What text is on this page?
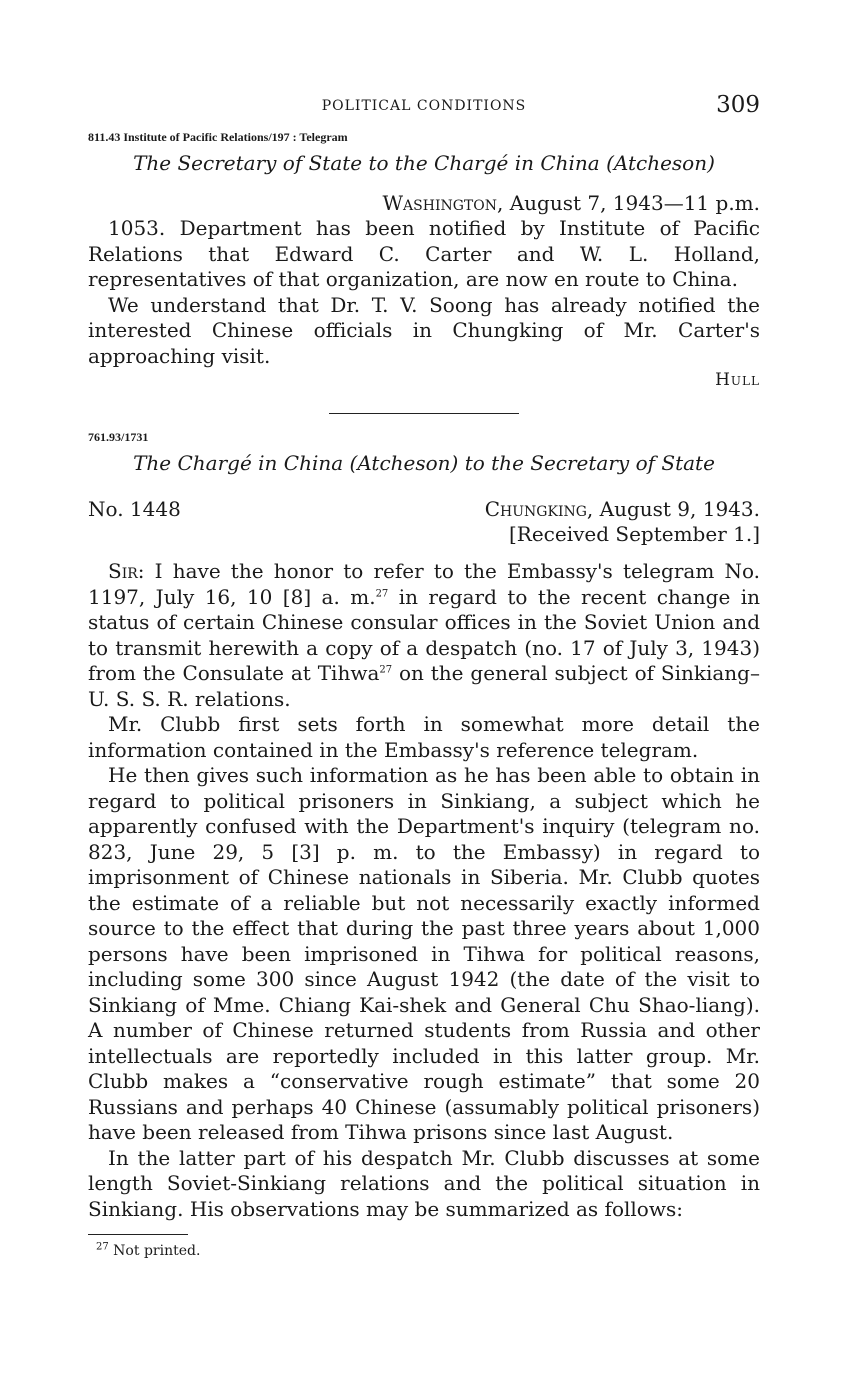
POLITICAL CONDITIONS	309
811.43 Institute of Pacific Relations/197 : Telegram
The Secretary of State to the Chargé in China (Atcheson)
Washington, August 7, 1943—11 p.m.

1053. Department has been notified by Institute of Pacific Relations that Edward C. Carter and W. L. Holland, representatives of that organization, are now en route to China.

We understand that Dr. T. V. Soong has already notified the interested Chinese officials in Chungking of Mr. Carter's approaching visit.

Hull
761.93/1731
The Chargé in China (Atcheson) to the Secretary of State
No. 1448	Chungking, August 9, 1943.
[Received September 1.]

Sir: I have the honor to refer to the Embassy's telegram No. 1197, July 16, 10 [8] a. m.$^{27}$ in regard to the recent change in status of certain Chinese consular offices in the Soviet Union and to transmit herewith a copy of a despatch (no. 17 of July 3, 1943) from the Consulate at Tihwa$^{27}$ on the general subject of Sinkiang–U. S. S. R. relations.

Mr. Clubb first sets forth in somewhat more detail the information contained in the Embassy's reference telegram.

He then gives such information as he has been able to obtain in regard to political prisoners in Sinkiang, a subject which he apparently confused with the Department's inquiry (telegram no. 823, June 29, 5 [3] p. m. to the Embassy) in regard to imprisonment of Chinese nationals in Siberia. Mr. Clubb quotes the estimate of a reliable but not necessarily exactly informed source to the effect that during the past three years about 1,000 persons have been imprisoned in Tihwa for political reasons, including some 300 since August 1942 (the date of the visit to Sinkiang of Mme. Chiang Kai-shek and General Chu Shao-liang). A number of Chinese returned students from Russia and other intellectuals are reportedly included in this latter group. Mr. Clubb makes a “conservative rough estimate” that some 20 Russians and perhaps 40 Chinese (assumably political prisoners) have been released from Tihwa prisons since last August.

In the latter part of his despatch Mr. Clubb discusses at some length Soviet-Sinkiang relations and the political situation in Sinkiang. His observations may be summarized as follows:

$^{27}$ Not printed.
